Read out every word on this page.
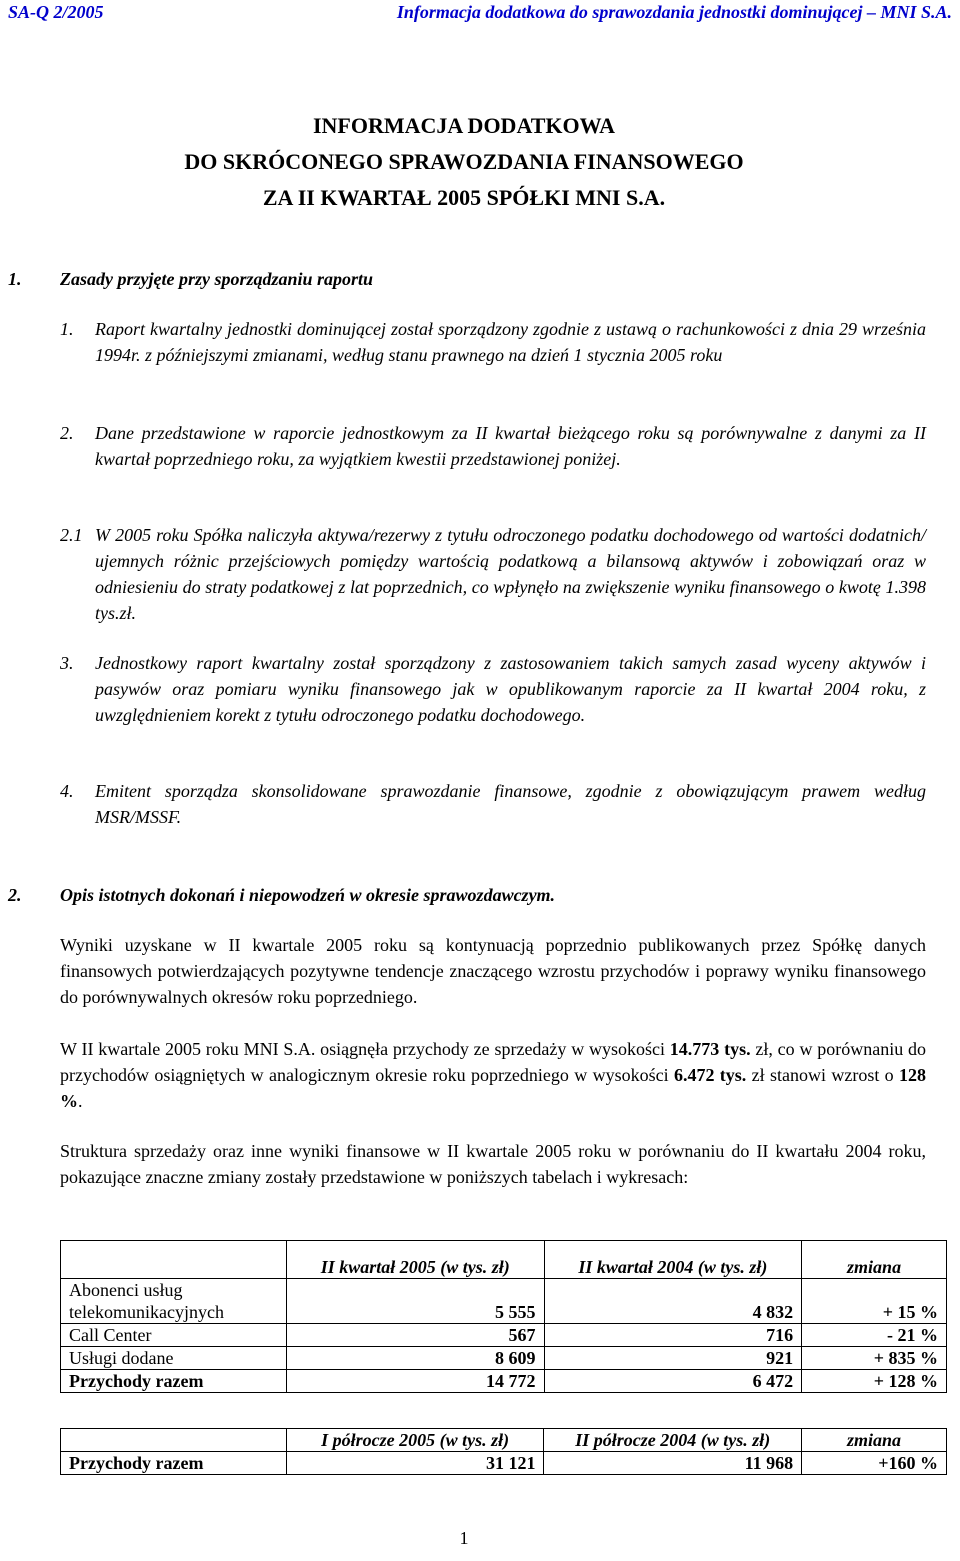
SA-Q 2/2005	Informacja dodatkowa do sprawozdania jednostki dominującej – MNI S.A.
INFORMACJA DODATKOWA
DO SKRÓCONEGO SPRAWOZDANIA FINANSOWEGO
ZA II KWARTAŁ 2005 SPÓŁKI MNI S.A.
1. Zasady przyjęte przy sporządzaniu raportu
1. Raport kwartalny jednostki dominującej został sporządzony zgodnie z ustawą o rachunkowości z dnia 29 września 1994r. z późniejszymi zmianami, według stanu prawnego na dzień 1 stycznia 2005 roku
2. Dane przedstawione w raporcie jednostkowym za II kwartał bieżącego roku są porównywalne z danymi za II kwartał poprzedniego roku, za wyjątkiem kwestii przedstawionej poniżej.
2.1 W 2005 roku Spółka naliczyła aktywa/rezerwy z tytułu odroczonego podatku dochodowego od wartości dodatnich/ ujemnych różnic przejściowych pomiędzy wartością podatkową a bilansową aktywów i zobowiązań oraz w odniesieniu do straty podatkowej z lat poprzednich, co wpłynęło na zwiększenie wyniku finansowego o kwotę 1.398 tys.zł.
3. Jednostkowy raport kwartalny został sporządzony z zastosowaniem takich samych zasad wyceny aktywów i pasywów oraz pomiaru wyniku finansowego jak w opublikowanym raporcie za II kwartał 2004 roku, z uwzględnieniem korekt z tytułu odroczonego podatku dochodowego.
4. Emitent sporządza skonsolidowane sprawozdanie finansowe, zgodnie z obowiązującym prawem według MSR/MSSF.
2. Opis istotnych dokonań i niepowodzeń w okresie sprawozdawczym.
Wyniki uzyskane w II kwartale 2005 roku są kontynuacją poprzednio publikowanych przez Spółkę danych finansowych potwierdzających pozytywne tendencje znaczącego wzrostu przychodów i poprawy wyniku finansowego do porównywalnych okresów roku poprzedniego.
W II kwartale 2005 roku MNI S.A. osiągnęła przychody ze sprzedaży w wysokości 14.773 tys. zł, co w porównaniu do przychodów osiągniętych w analogicznym okresie roku poprzedniego w wysokości 6.472 tys. zł stanowi wzrost o 128 %.
Struktura sprzedaży oraz inne wyniki finansowe w II kwartale 2005 roku w porównaniu do II kwartału 2004 roku, pokazujące znaczne zmiany zostały przedstawione w poniższych tabelach i wykresach:
	II kwartał 2005 (w tys. zł)	II kwartał 2004 (w tys. zł)	zmiana

Abonenci usług
telekomunikacyjnych	5 555	4 832	+ 15 %
Call Center	567	716	- 21 %
Usługi dodane	8 609	921	+ 835 %
Przychody razem	14 772	6 472	+ 128 %
	I półrocze 2005 (w tys. zł)	II półrocze 2004 (w tys. zł)	zmiana
Przychody razem	31 121	11 968	+160 %
1
